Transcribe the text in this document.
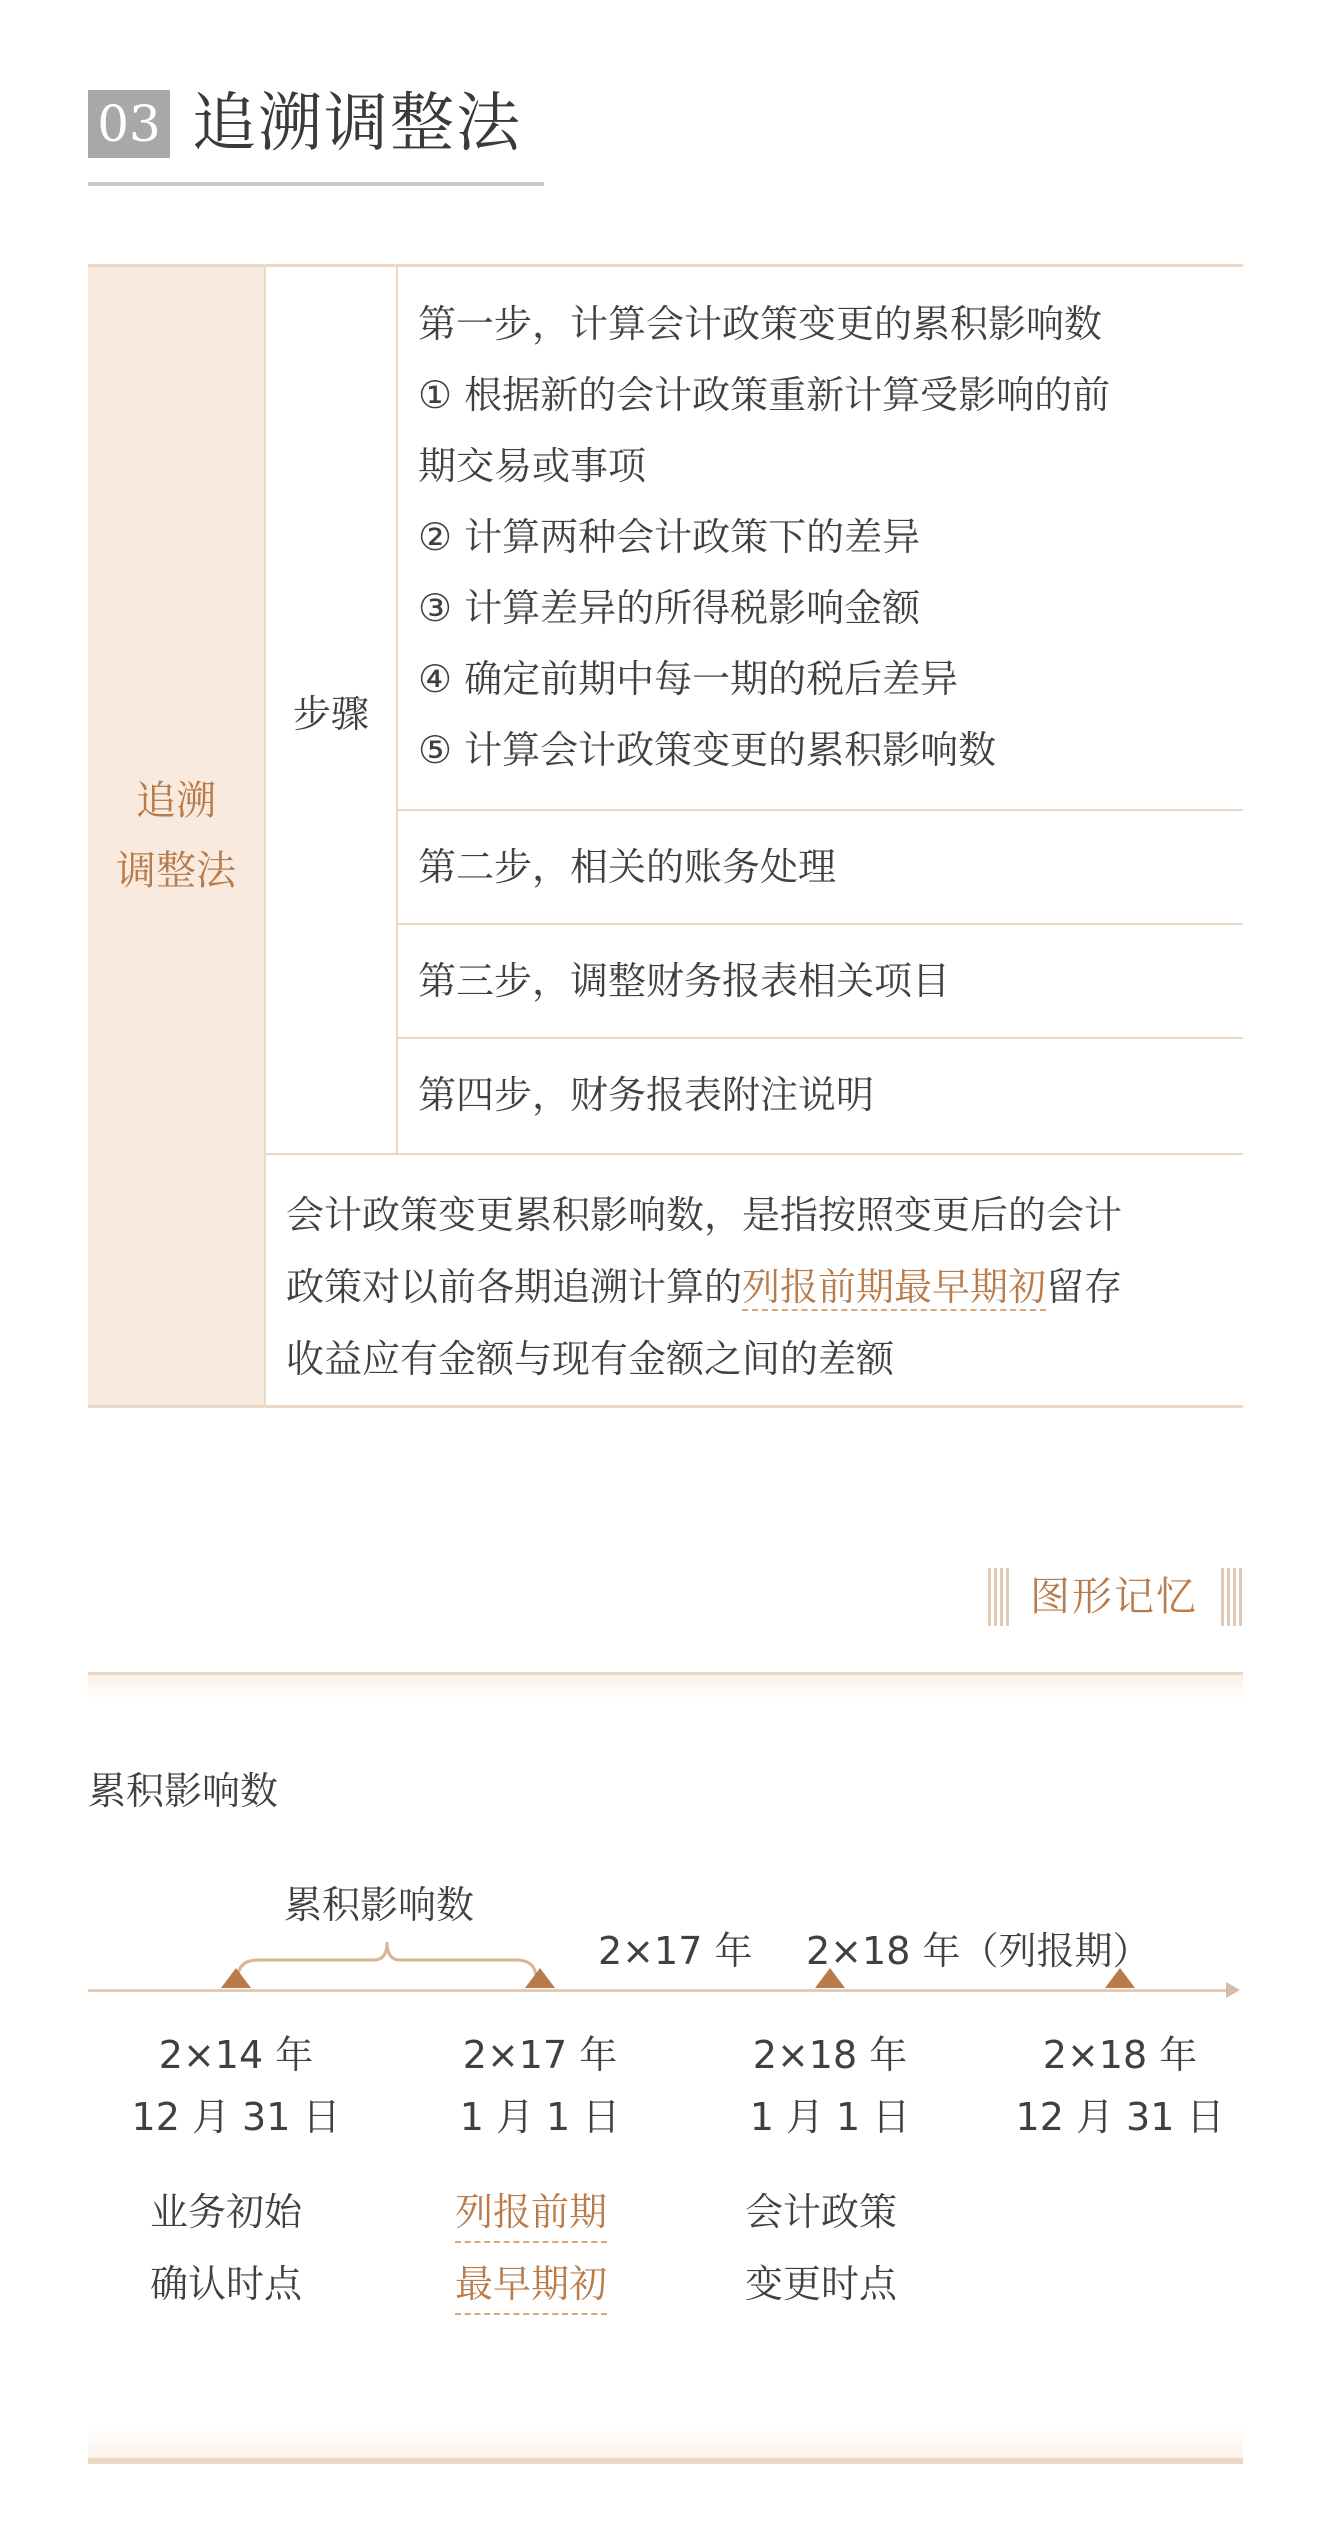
03 追溯调整法
追溯
调整法
步骤
第一步，计算会计政策变更的累积影响数
① 根据新的会计政策重新计算受影响的前
期交易或事项
② 计算两种会计政策下的差异
③ 计算差异的所得税影响金额
④ 确定前期中每一期的税后差异
⑤ 计算会计政策变更的累积影响数
第二步，相关的账务处理
第三步，调整财务报表相关项目
第四步，财务报表附注说明
会计政策变更累积影响数，是指按照变更后的会计
政策对以前各期追溯计算的列报前期最早期初留存
收益应有金额与现有金额之间的差额
图形记忆
累积影响数
累积影响数
2×17 年 2×18 年（列报期）
2×14 年
12 月 31 日
2×17 年
1 月 1 日
2×18 年
1 月 1 日
2×18 年
12 月 31 日
业务初始
确认时点
列报前期
最早期初
会计政策
变更时点
